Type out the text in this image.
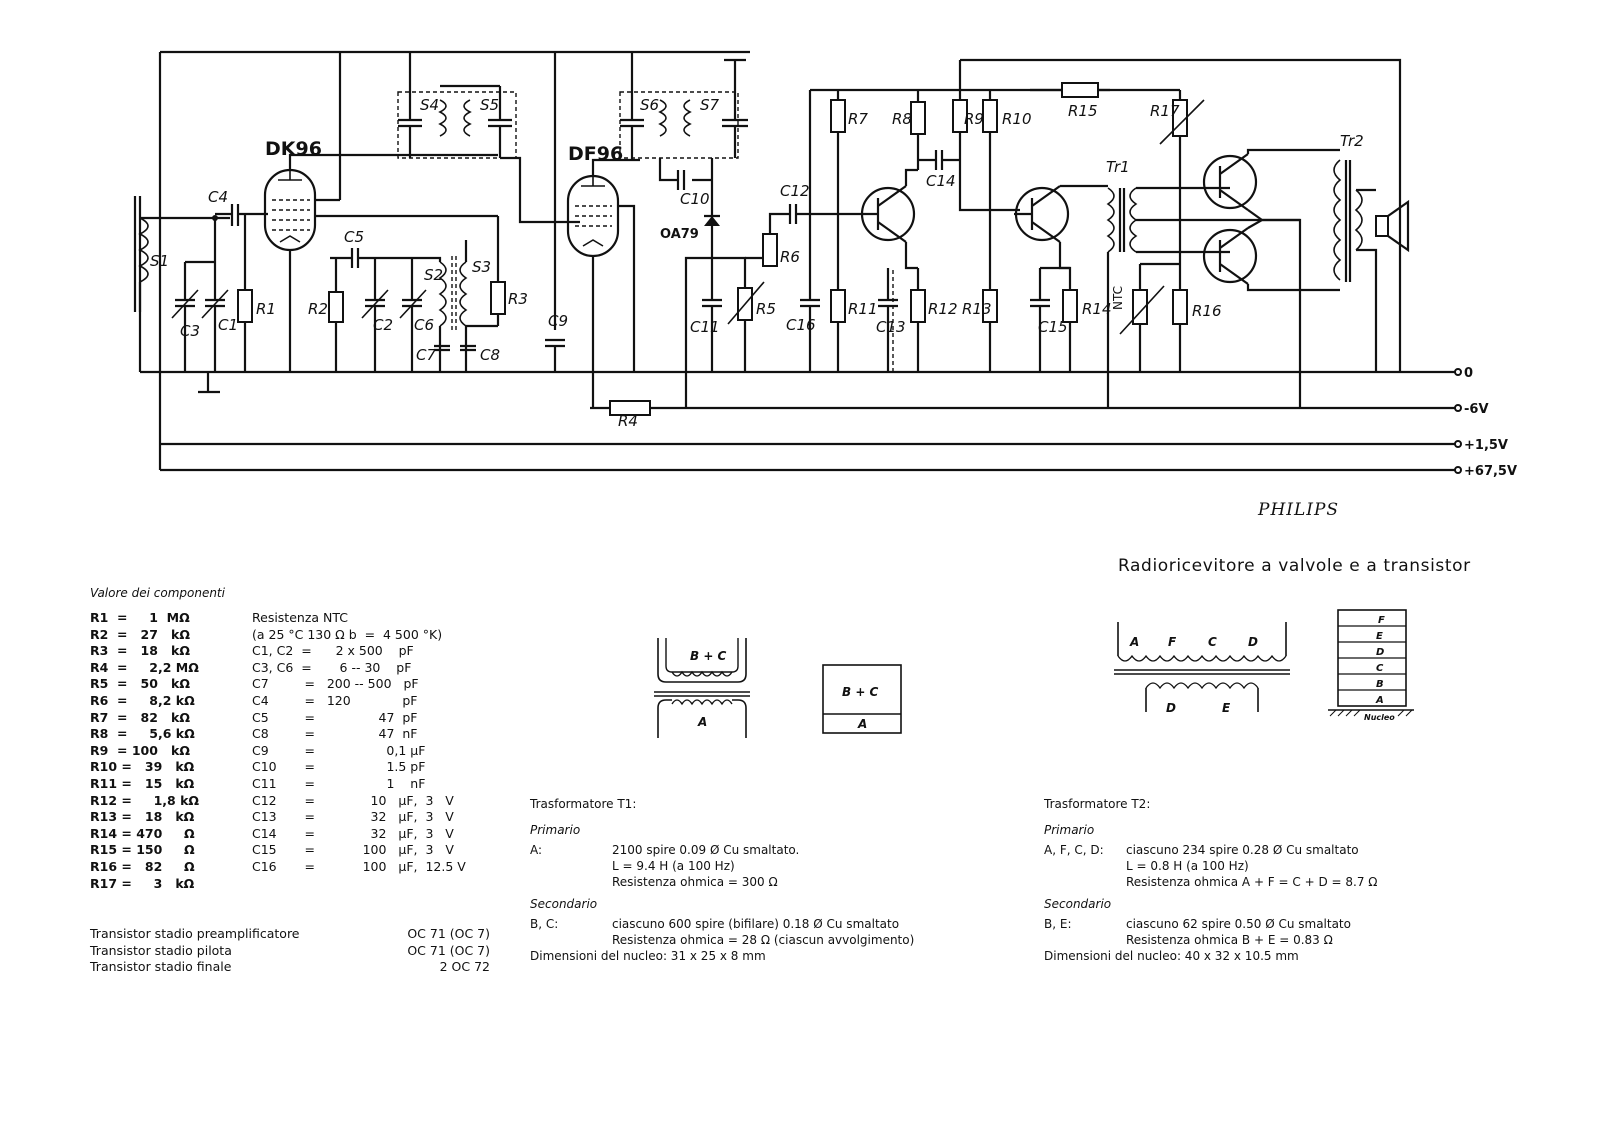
0
-6V
+1,5V
+67,5V
S1
C3 C1
C4
R1
DK96
C5
R2
C2 C6
S2 S3
R3
C7	C8
S4	S5
C9
DF96
S6	S7
C10
OA79
C11
R5
R4
R6
C12
C16
R7
R11
R8
R12
C13
C14
R9 R10
R13
R15
R14
C15
Tr1
R17
R16
NTC
Tr2
PHILIPS
Radioricevitore a valvole e a transistor
Valore dei componenti
R1  =     1  MΩ
R2  =   27   kΩ
R3  =   18   kΩ
R4  =     2,2 MΩ
R5  =   50   kΩ
R6  =     8,2 kΩ
R7  =   82   kΩ
R8  =     5,6 kΩ
R9  = 100   kΩ
R10 =   39   kΩ
R11 =   15   kΩ
R12 =     1,8 kΩ
R13 =   18   kΩ
R14 = 470     Ω
R15 = 150     Ω
R16 =   82     Ω
R17 =     3   kΩ
Resistenza NTC
(a 25 °C 130 Ω b  =  4 500 °K)
C1, C2  =      2 x 500    pF
C3, C6  =       6 -- 30    pF
C7         =   200 -- 500   pF
C4         =   120             pF
C5         =                47  pF
C8         =                47  nF
C9         =                  0,1 µF
C10       =                  1.5 pF
C11       =                  1    nF
C12       =              10   µF,  3   V
C13       =              32   µF,  3   V
C14       =              32   µF,  3   V
C15       =            100   µF,  3   V
C16       =            100   µF,  12.5 V
Transistor stadio preamplificatore	OC 71 (OC 7)
Transistor stadio pilota	OC 71 (OC 7)
Transistor stadio finale	2 OC 72
B + C
A
B + C
A
Trasformatore T1:
Primario
A:	2100 spire 0.09 Ø Cu smaltato.
L = 9.4 H (a 100 Hz)
Resistenza ohmica = 300 Ω
Secondario
B, C:	ciascuno 600 spire (bifilare) 0.18 Ø Cu smaltato
Resistenza ohmica = 28 Ω (ciascun avvolgimento)
Dimensioni del nucleo: 31 x 25 x 8 mm
A F	C	D
D	E
F
E
D
C
B
A
Nucleo
Trasformatore T2:
Primario
A, F, C, D:	ciascuno 234 spire 0.28 Ø Cu smaltato
L = 0.8 H (a 100 Hz)
Resistenza ohmica A + F = C + D = 8.7 Ω
Secondario
B, E:	ciascuno 62 spire 0.50 Ø Cu smaltato
Resistenza ohmica B + E = 0.83 Ω
Dimensioni del nucleo: 40 x 32 x 10.5 mm
